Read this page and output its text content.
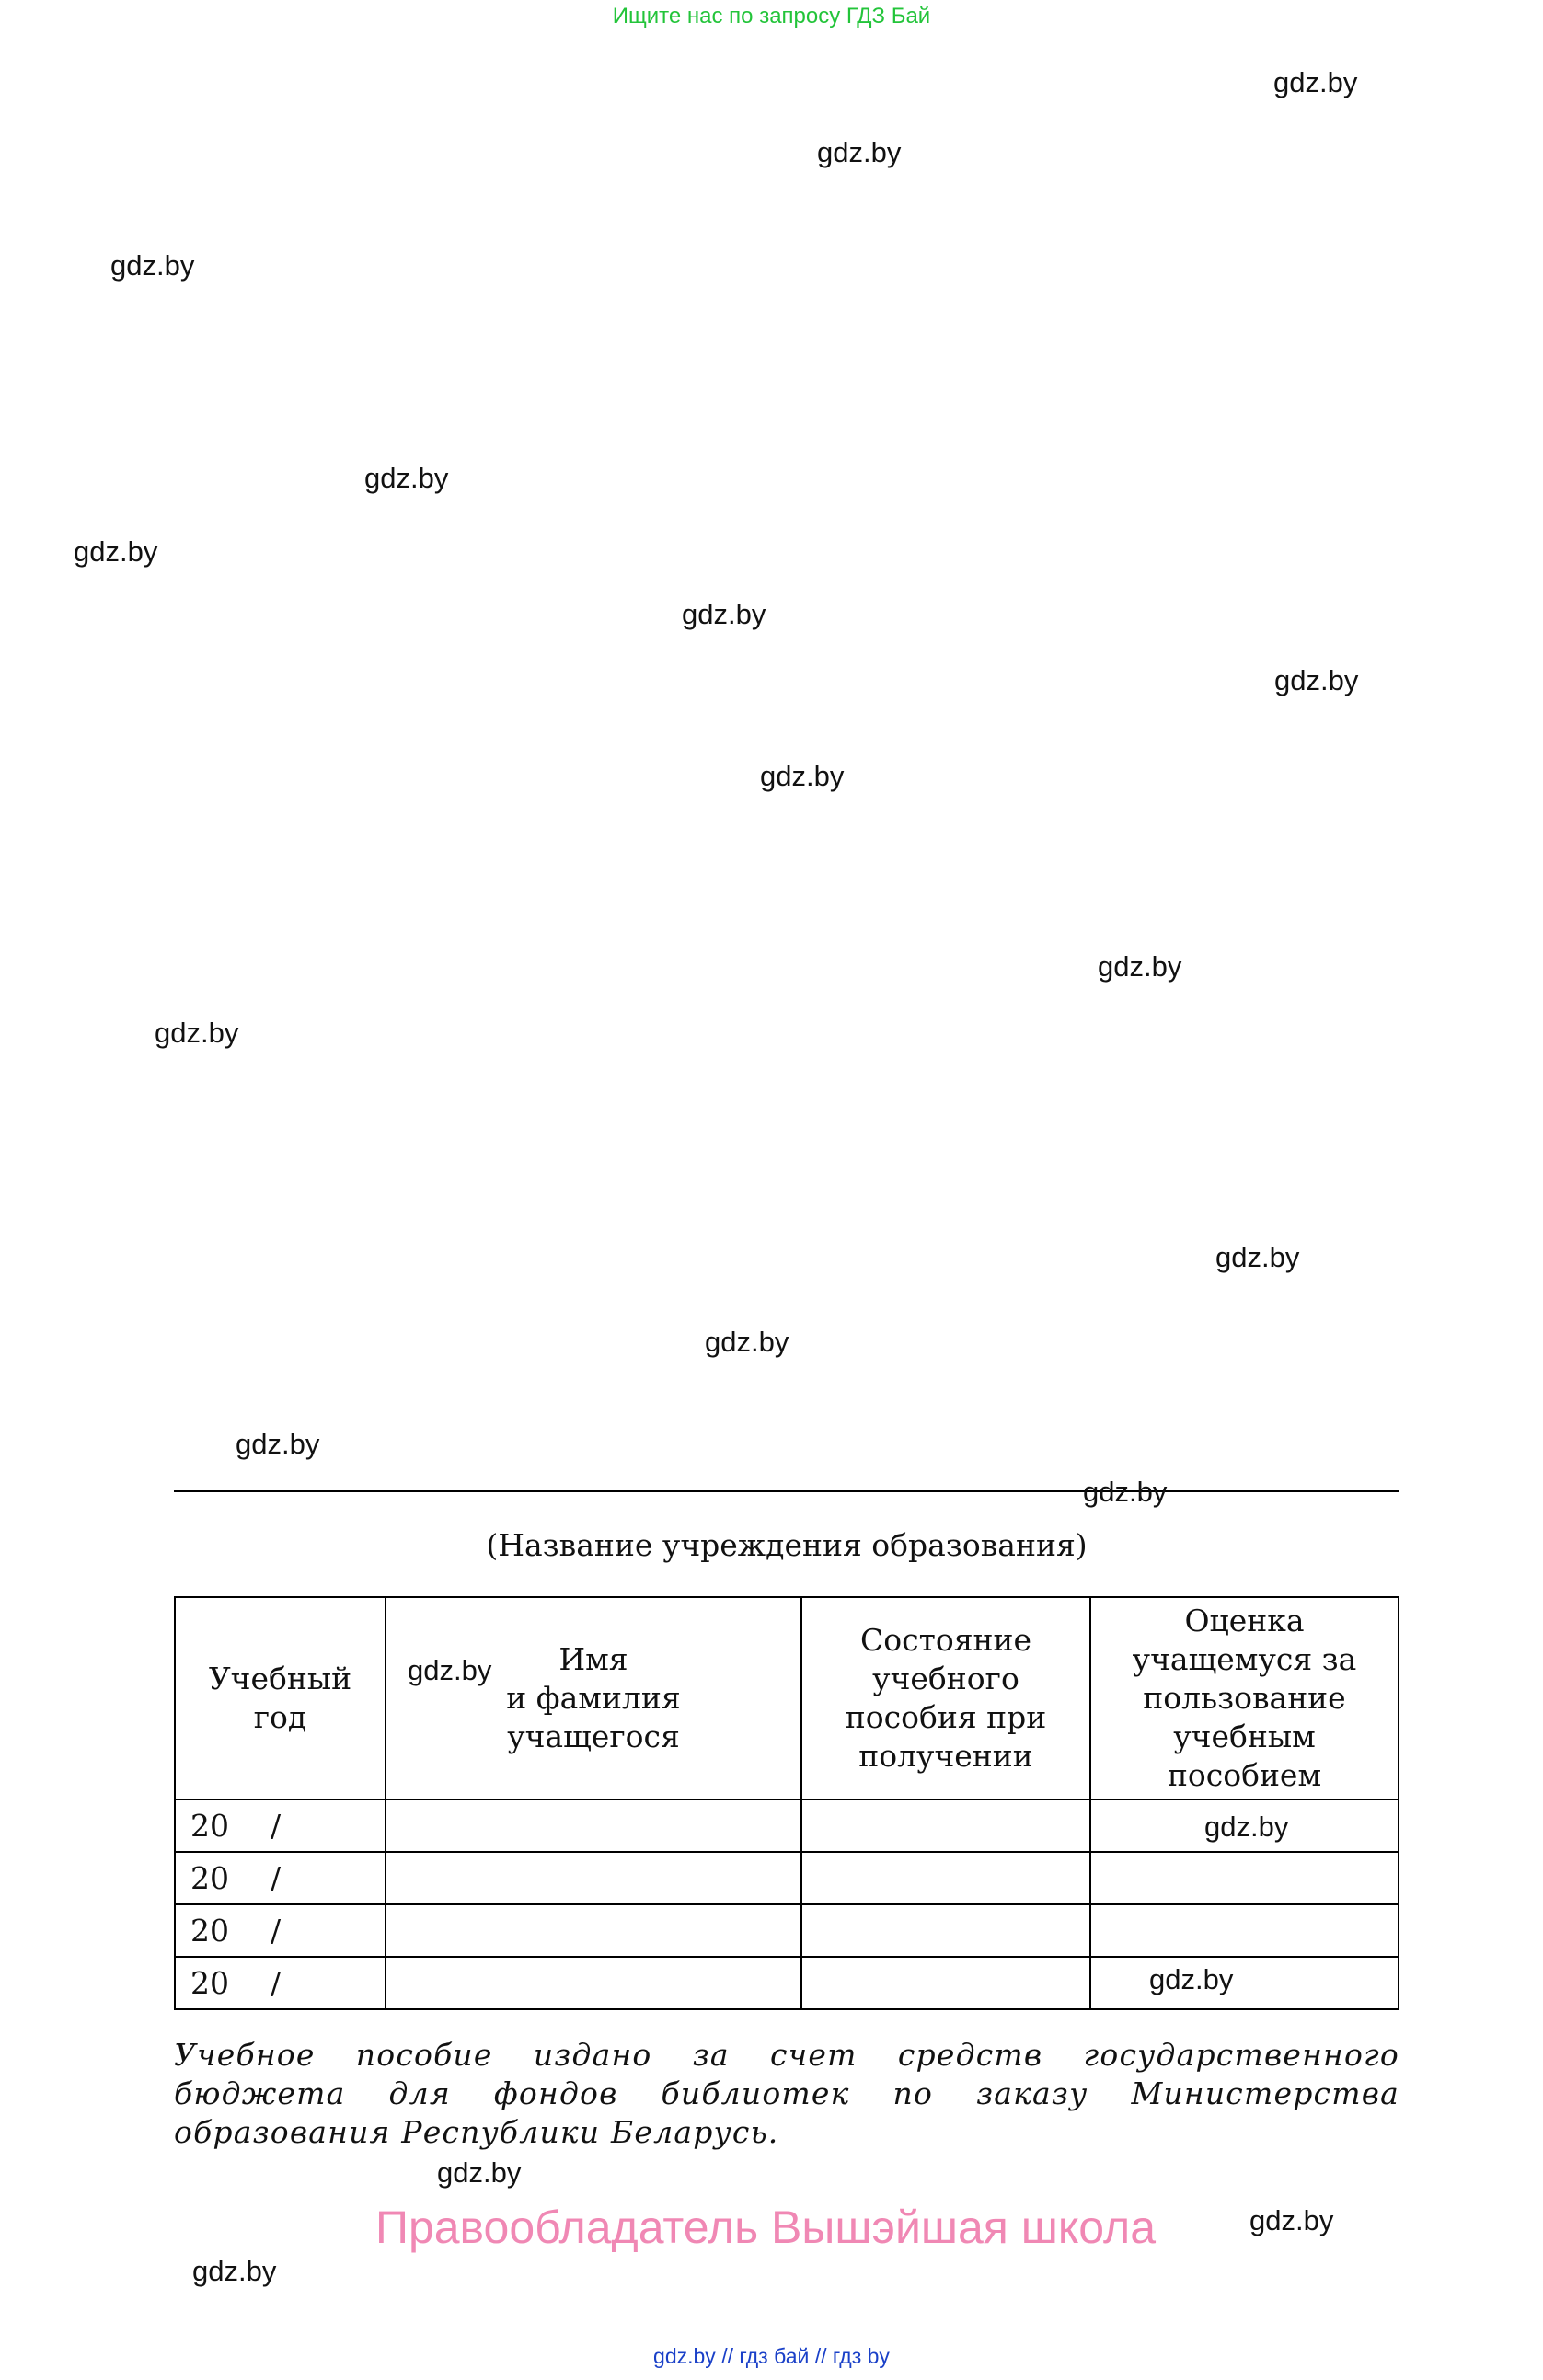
Ищите нас по запросу ГДЗ Бай
gdz.by
gdz.by
gdz.by
gdz.by
gdz.by
gdz.by
gdz.by
gdz.by
gdz.by
gdz.by
gdz.by
gdz.by
gdz.by
gdz.by
(Название учреждения образования)
Учебный
год	Имя
и фамилия
учащегося	Состояние
учебного
пособия при
получении	Оценка
учащемуся за
пользование
учебным
пособием
20 /			
20 /			
20 /			
20 /			
gdz.by
gdz.by
gdz.by
Учебное пособие издано за счет средств государственного бюджета для фондов библиотек по заказу Министерства образования Республики Беларусь.
gdz.by
Правообладатель Вышэйшая школа	gdz.by
gdz.by
gdz.by // гдз бай // гдз by
